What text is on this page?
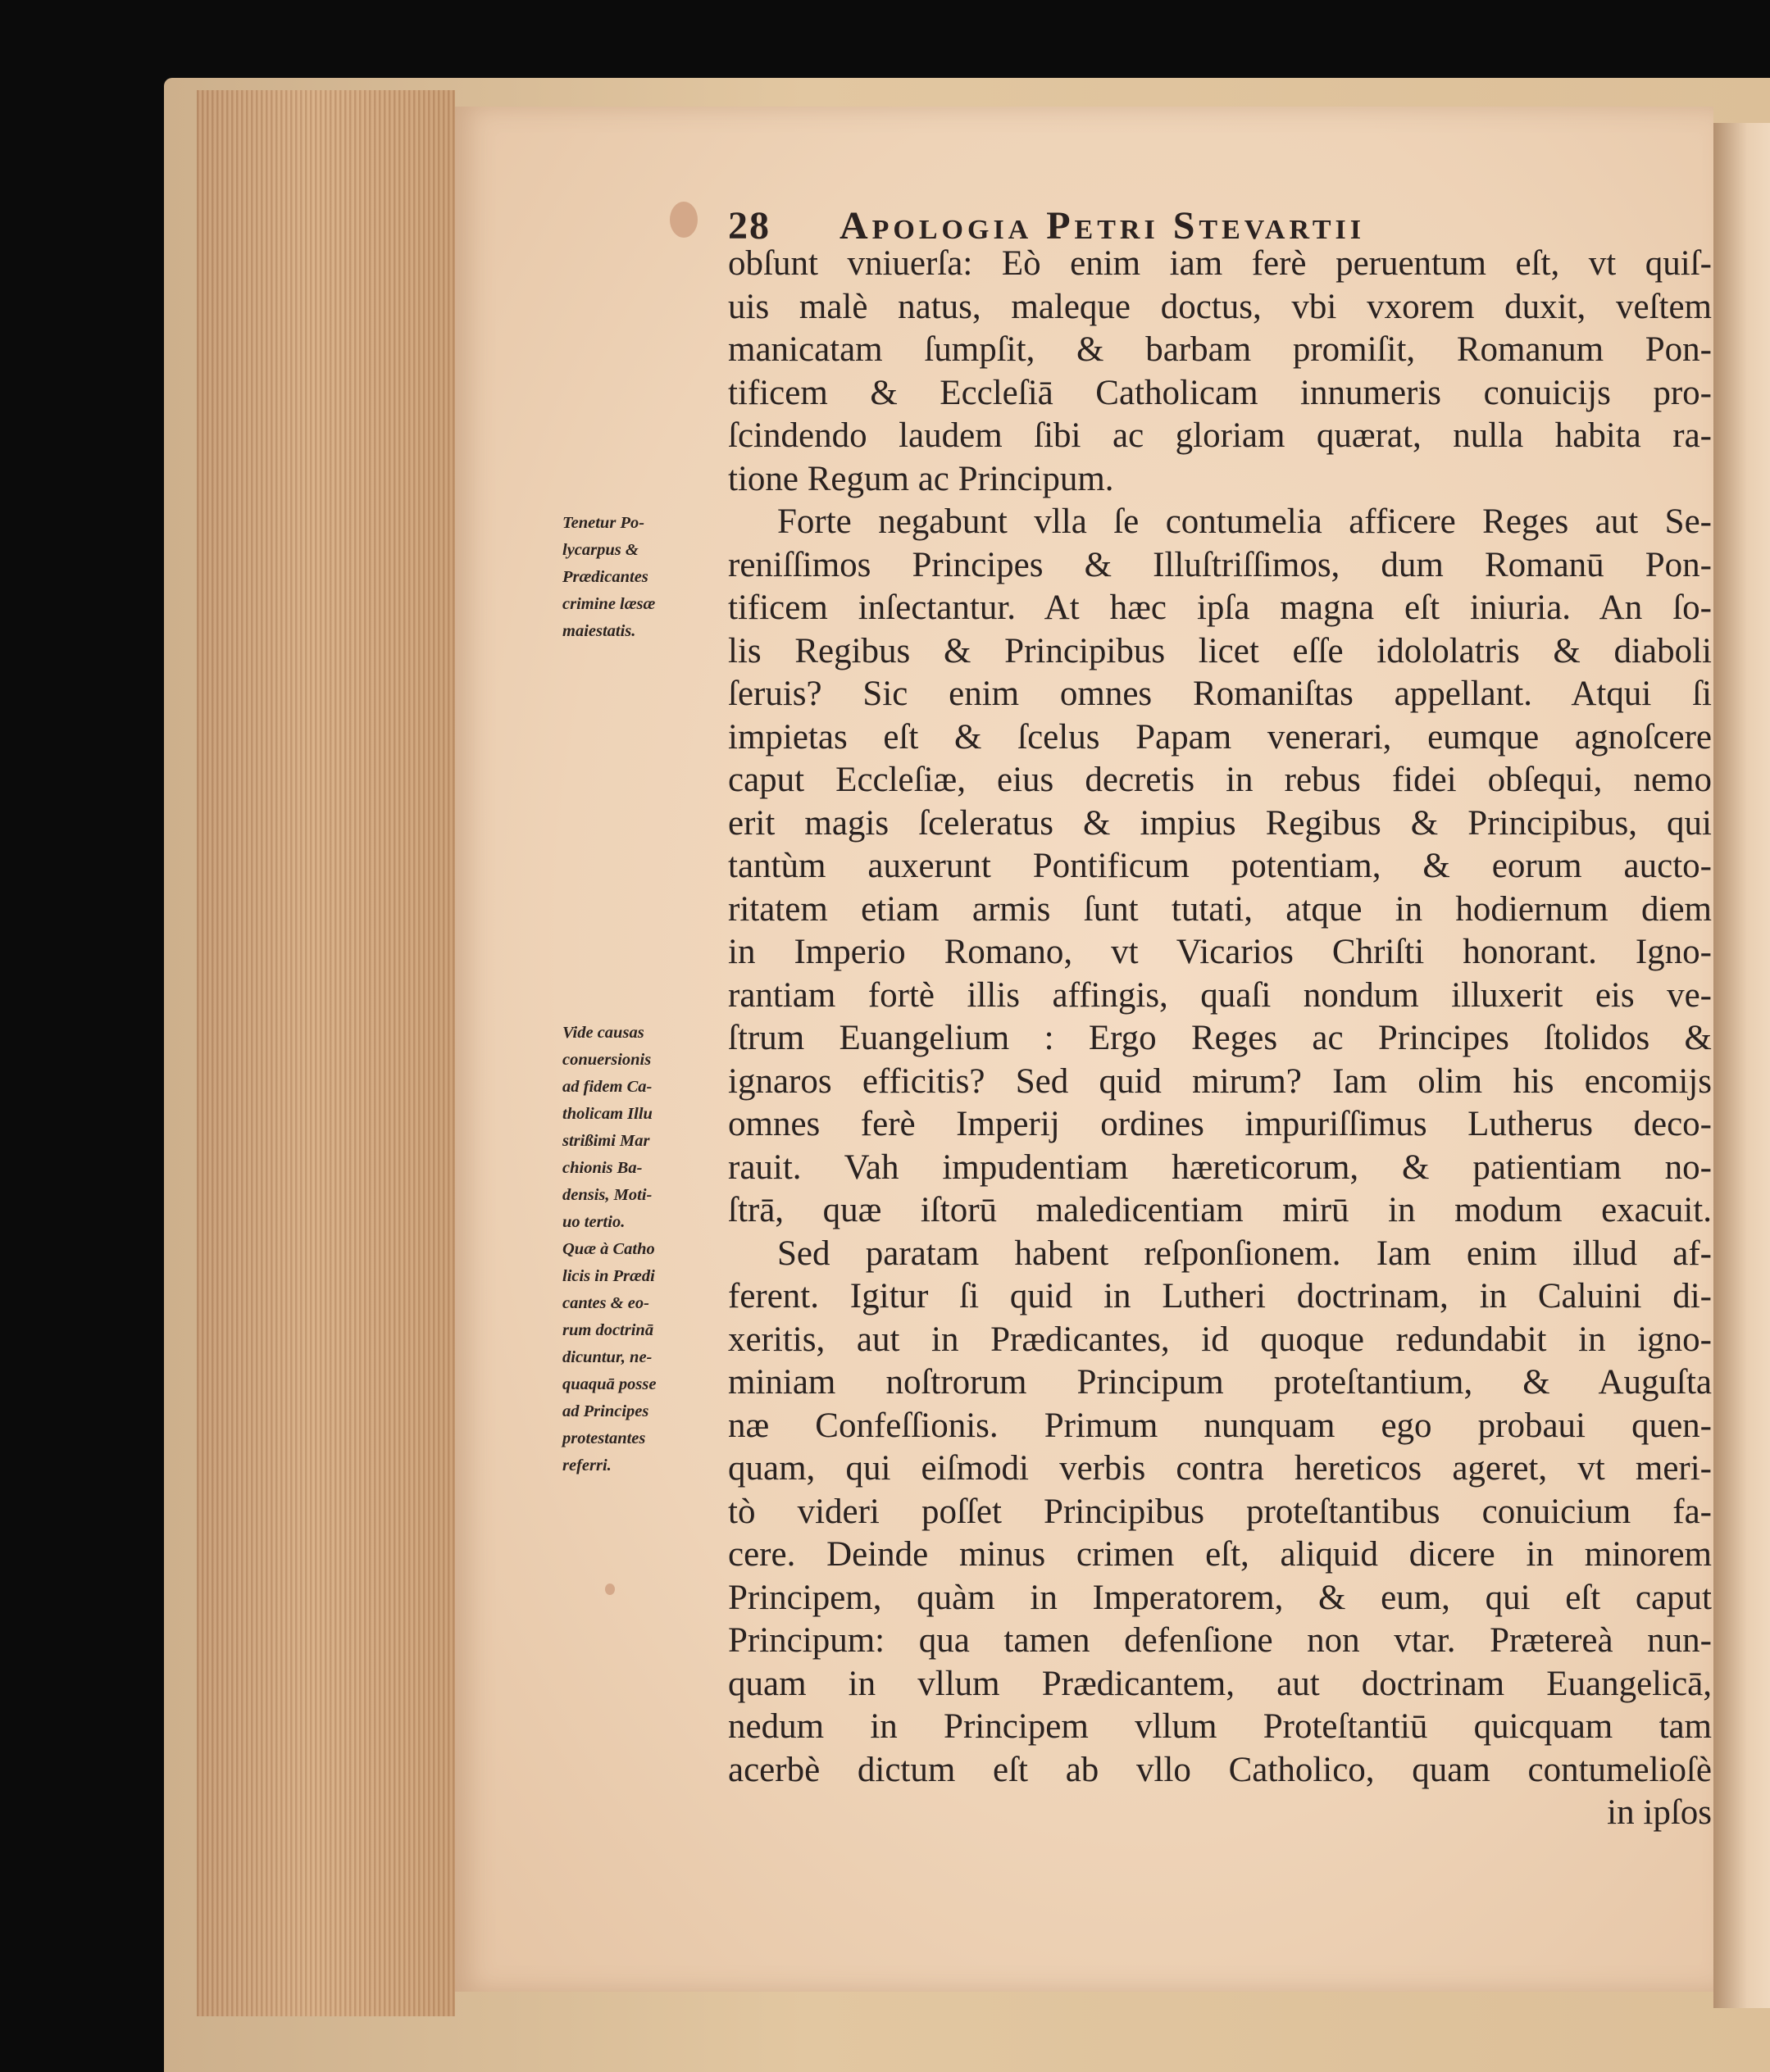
28 Apologia Petri Stevartii
Tenetur Po-
lycarpus &
Prædicantes
crimine læsæ
maiestatis.
Vide causas
conuersionis
ad fidem Ca-
tholicam Illu
strißimi Mar
chionis Ba-
densis, Moti-
uo tertio.
Quæ à Catho
licis in Prædi
cantes & eo-
rum doctrinā
dicuntur, ne-
quaquā posse
ad Principes
protestantes
referri.
obſunt vniuerſa: Eò enim iam ferè peruentum eſt, vt quiſ-
uis malè natus, maleque doctus, vbi vxorem duxit, veſtem
manicatam ſumpſit, & barbam promiſit, Romanum Pon-
tificem & Eccleſiā Catholicam innumeris conuicijs pro-
ſcindendo laudem ſibi ac gloriam quærat, nulla habita ra-
tione Regum ac Principum.
Forte negabunt vlla ſe contumelia afficere Reges aut Se-
reniſſimos Principes & Illuſtriſſimos, dum Romanū Pon-
tificem inſectantur. At hæc ipſa magna eſt iniuria. An ſo-
lis Regibus & Principibus licet eſſe idololatris & diaboli
ſeruis? Sic enim omnes Romaniſtas appellant. Atqui ſi
impietas eſt & ſcelus Papam venerari, eumque agnoſcere
caput Eccleſiæ, eius decretis in rebus fidei obſequi, nemo
erit magis ſceleratus & impius Regibus & Principibus, qui
tantùm auxerunt Pontificum potentiam, & eorum aucto-
ritatem etiam armis ſunt tutati, atque in hodiernum diem
in Imperio Romano, vt Vicarios Chriſti honorant. Igno-
rantiam fortè illis affingis, quaſi nondum illuxerit eis ve-
ſtrum Euangelium : Ergo Reges ac Principes ſtolidos &
ignaros efficitis? Sed quid mirum? Iam olim his encomijs
omnes ferè Imperij ordines impuriſſimus Lutherus deco-
rauit. Vah impudentiam hæreticorum, & patientiam no-
ſtrā, quæ iſtorū maledicentiam mirū in modum exacuit.
Sed paratam habent reſponſionem. Iam enim illud af-
ferent. Igitur ſi quid in Lutheri doctrinam, in Caluini di-
xeritis, aut in Prædicantes, id quoque redundabit in igno-
miniam noſtrorum Principum proteſtantium, & Auguſta
næ Confeſſionis. Primum nunquam ego probaui quen-
quam, qui eiſmodi verbis contra hereticos ageret, vt meri-
tò videri poſſet Principibus proteſtantibus conuicium fa-
cere. Deinde minus crimen eſt, aliquid dicere in minorem
Principem, quàm in Imperatorem, & eum, qui eſt caput
Principum: qua tamen defenſione non vtar. Prætereà nun-
quam in vllum Prædicantem, aut doctrinam Euangelicā,
nedum in Principem vllum Proteſtantiū quicquam tam
acerbè dictum eſt ab vllo Catholico, quam contumelioſè
in ipſos
